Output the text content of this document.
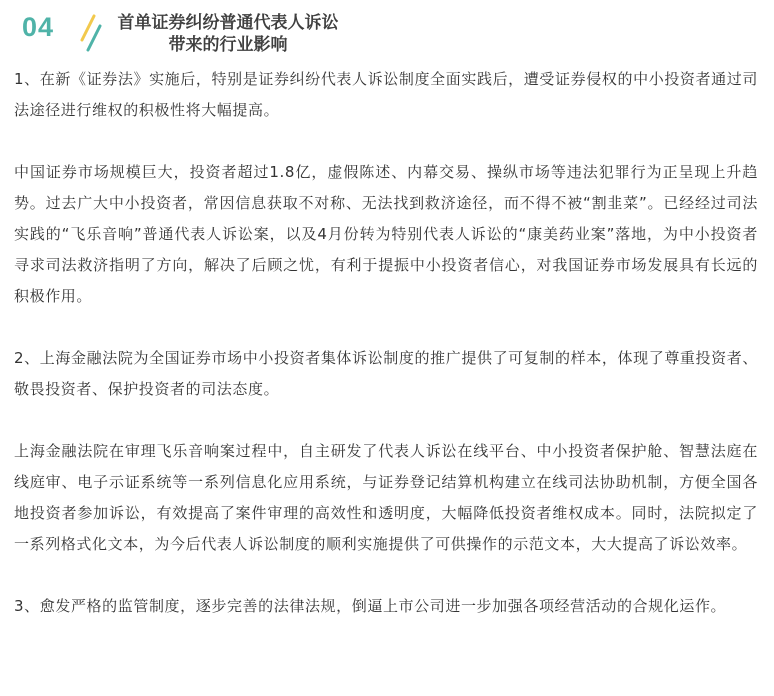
04	首单证券纠纷普通代表人诉讼
带来的行业影响

1、在新《证券法》实施后，特别是证券纠纷代表人诉讼制度全面实践后，遭受证券侵权的中小投资者通过司法途径进行维权的积极性将大幅提高。

中国证券市场规模巨大，投资者超过1.8亿，虚假陈述、内幕交易、操纵市场等违法犯罪行为正呈现上升趋势。过去广大中小投资者，常因信息获取不对称、无法找到救济途径，而不得不被“割韭菜”。已经经过司法实践的“飞乐音响”普通代表人诉讼案，以及4月份转为特别代表人诉讼的“康美药业案”落地，为中小投资者寻求司法救济指明了方向，解决了后顾之忧，有利于提振中小投资者信心，对我国证券市场发展具有长远的积极作用。

2、上海金融法院为全国证券市场中小投资者集体诉讼制度的推广提供了可复制的样本，体现了尊重投资者、敬畏投资者、保护投资者的司法态度。

上海金融法院在审理飞乐音响案过程中，自主研发了代表人诉讼在线平台、中小投资者保护舱、智慧法庭在线庭审、电子示证系统等一系列信息化应用系统，与证券登记结算机构建立在线司法协助机制，方便全国各地投资者参加诉讼，有效提高了案件审理的高效性和透明度，大幅降低投资者维权成本。同时，法院拟定了一系列格式化文本，为今后代表人诉讼制度的顺利实施提供了可供操作的示范文本，大大提高了诉讼效率。

3、愈发严格的监管制度，逐步完善的法律法规，倒逼上市公司进一步加强各项经营活动的合规化运作。
